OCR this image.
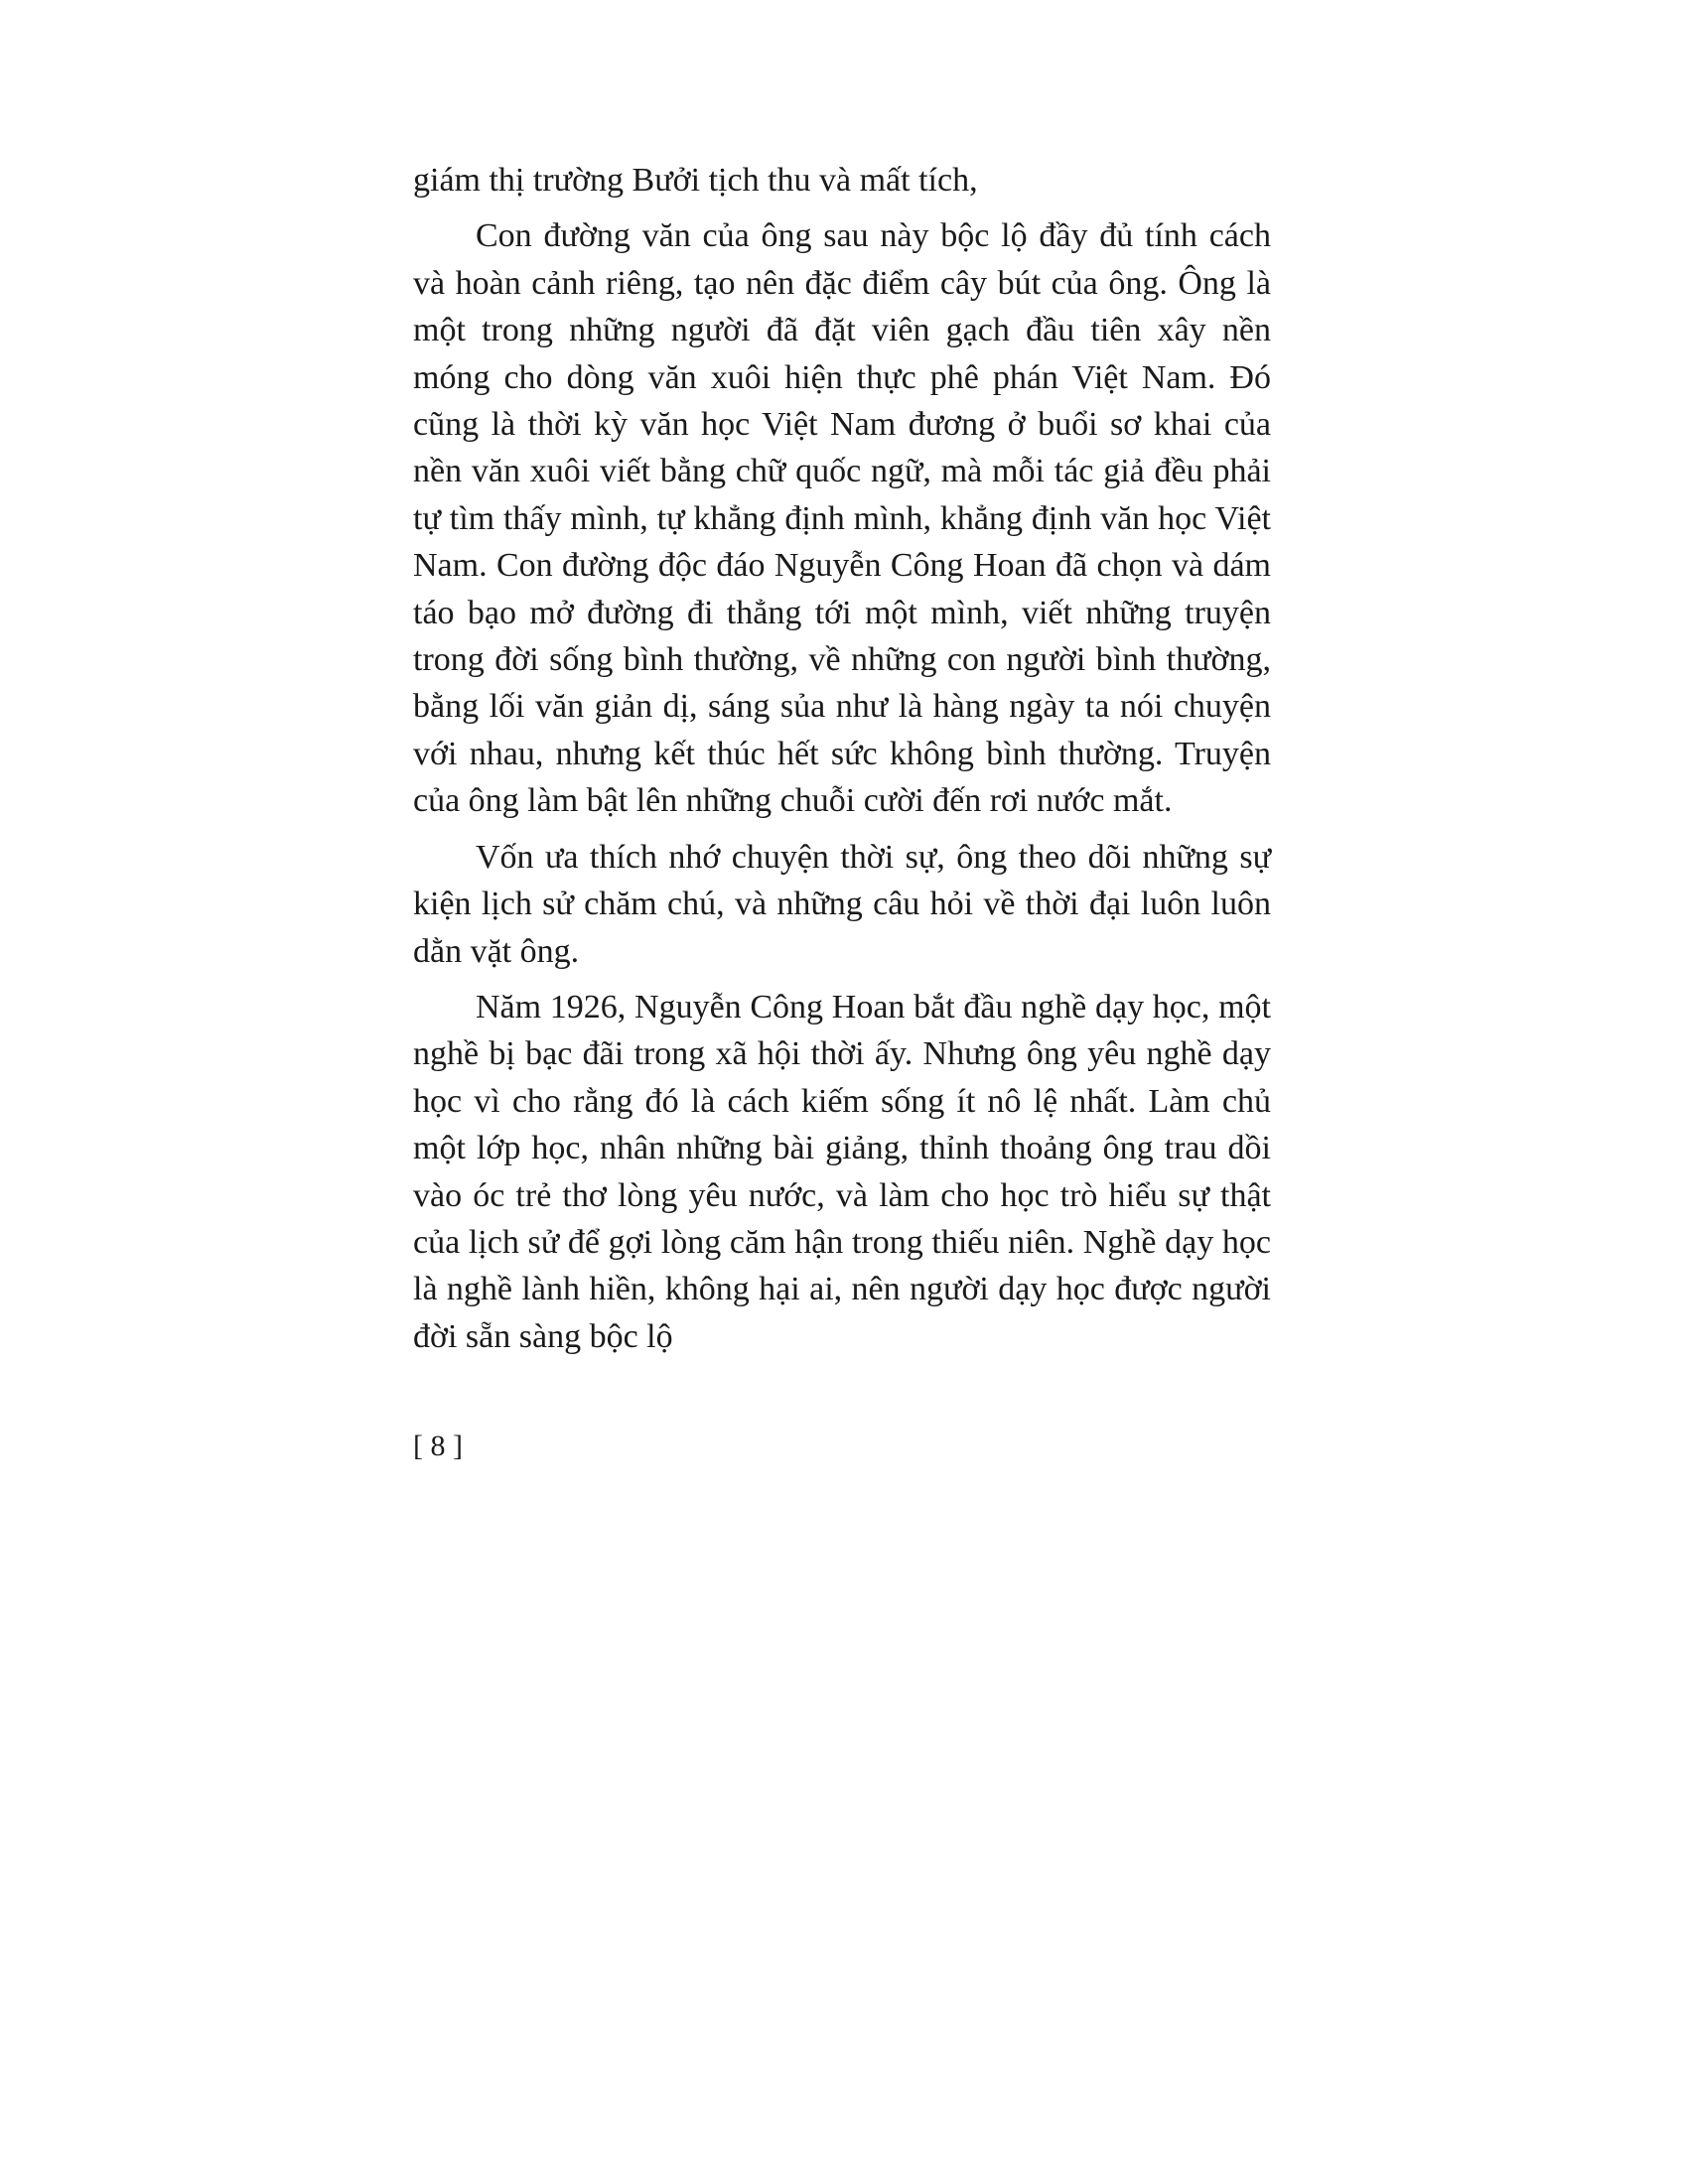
giám thị trường Bưởi tịch thu và mất tích,

Con đường văn của ông sau này bộc lộ đầy đủ tính cách và hoàn cảnh riêng, tạo nên đặc điểm cây bút của ông. Ông là một trong những người đã đặt viên gạch đầu tiên xây nền móng cho dòng văn xuôi hiện thực phê phán Việt Nam. Đó cũng là thời kỳ văn học Việt Nam đương ở buổi sơ khai của nền văn xuôi viết bằng chữ quốc ngữ, mà mỗi tác giả đều phải tự tìm thấy mình, tự khẳng định mình, khẳng định văn học Việt Nam. Con đường độc đáo Nguyễn Công Hoan đã chọn và dám táo bạo mở đường đi thẳng tới một mình, viết những truyện trong đời sống bình thường, về những con người bình thường, bằng lối văn giản dị, sáng sủa như là hàng ngày ta nói chuyện với nhau, nhưng kết thúc hết sức không bình thường. Truyện của ông làm bật lên những chuỗi cười đến rơi nước mắt.

Vốn ưa thích nhớ chuyện thời sự, ông theo dõi những sự kiện lịch sử chăm chú, và những câu hỏi về thời đại luôn luôn dằn vặt ông.

Năm 1926, Nguyễn Công Hoan bắt đầu nghề dạy học, một nghề bị bạc đãi trong xã hội thời ấy. Nhưng ông yêu nghề dạy học vì cho rằng đó là cách kiếm sống ít nô lệ nhất. Làm chủ một lớp học, nhân những bài giảng, thỉnh thoảng ông trau dồi vào óc trẻ thơ lòng yêu nước, và làm cho học trò hiểu sự thật của lịch sử để gợi lòng căm hận trong thiếu niên. Nghề dạy học là nghề lành hiền, không hại ai, nên người dạy học được người đời sẵn sàng bộc lộ

[ 8 ]
